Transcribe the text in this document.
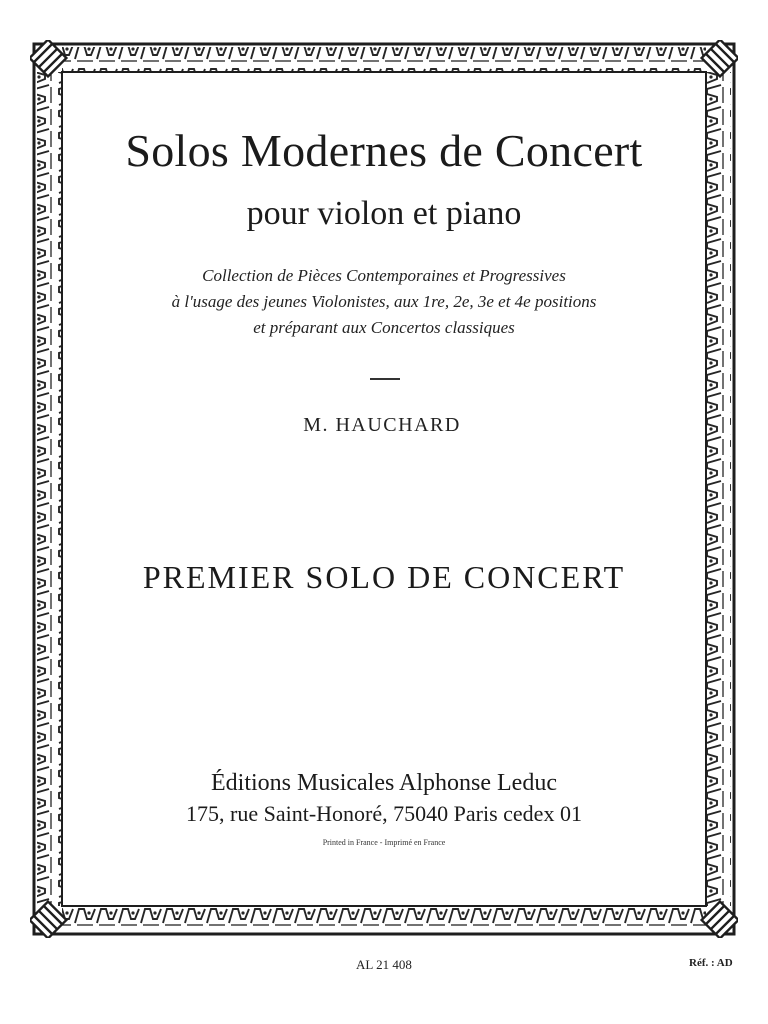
Solos Modernes de Concert
pour violon et piano
Collection de Pièces Contemporaines et Progressives
à l'usage des jeunes Violonistes, aux 1re, 2e, 3e et 4e positions
et préparant aux Concertos classiques
M. HAUCHARD
PREMIER SOLO DE CONCERT
Éditions Musicales Alphonse Leduc
175, rue Saint-Honoré, 75040 Paris cedex 01
Printed in France - Imprimé en France
AL 21 408	Réf. : AD
